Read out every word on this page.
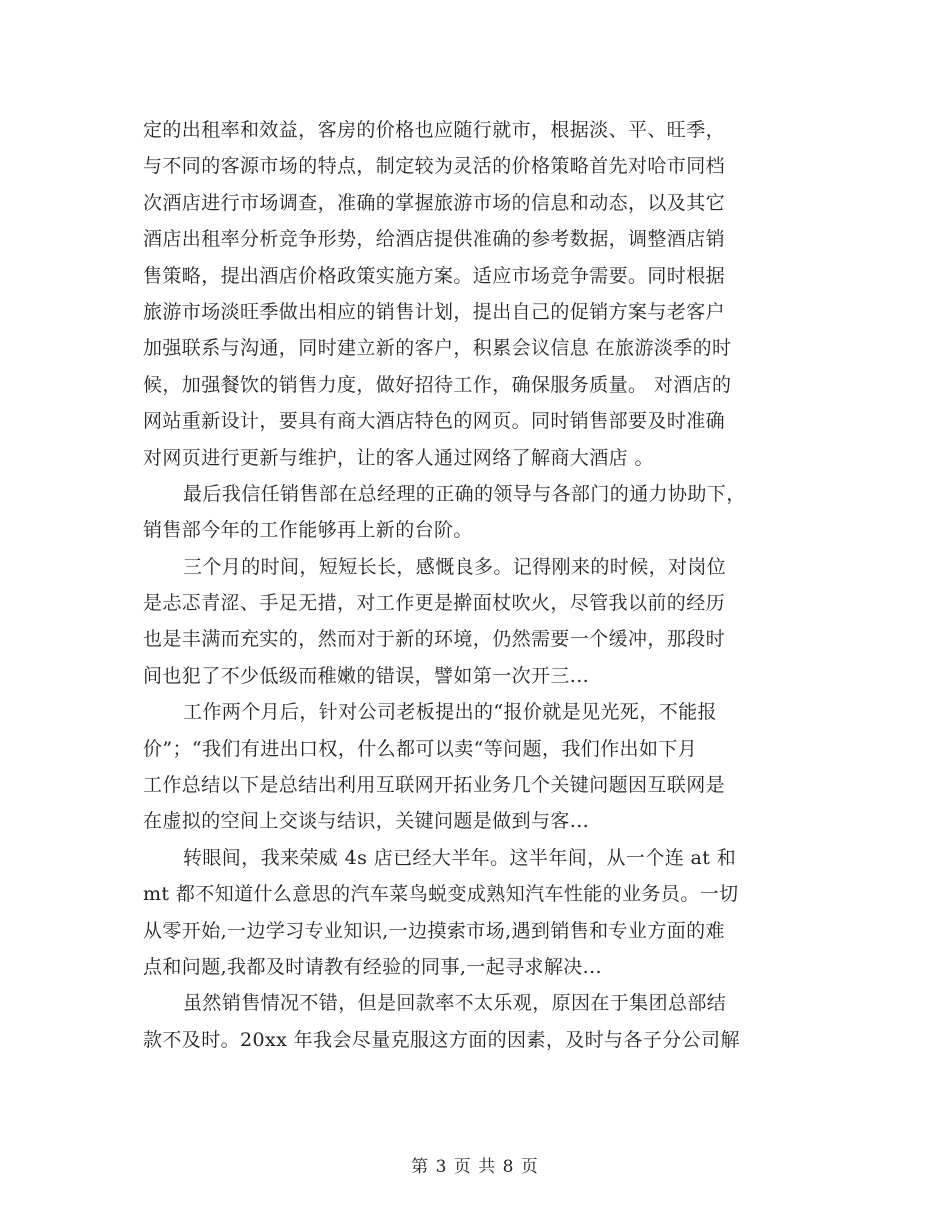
定的出租率和效益，客房的价格也应随行就市，根据淡、平、旺季，
与不同的客源市场的特点，制定较为灵活的价格策略首先对哈市同档
次酒店进行市场调查，准确的掌握旅游市场的信息和动态，以及其它
酒店出租率分析竞争形势，给酒店提供准确的参考数据，调整酒店销
售策略，提出酒店价格政策实施方案。适应市场竞争需要。同时根据
旅游市场淡旺季做出相应的销售计划，提出自己的促销方案与老客户
加强联系与沟通，同时建立新的客户，积累会议信息 在旅游淡季的时
候，加强餐饮的销售力度，做好招待工作，确保服务质量。 对酒店的
网站重新设计，要具有商大酒店特色的网页。同时销售部要及时准确
对网页进行更新与维护，让的客人通过网络了解商大酒店 。
最后我信任销售部在总经理的正确的领导与各部门的通力协助下，
销售部今年的工作能够再上新的台阶。
三个月的时间，短短长长，感慨良多。记得刚来的时候，对岗位
是忐忑青涩、手足无措，对工作更是擀面杖吹火，尽管我以前的经历
也是丰满而充实的，然而对于新的环境，仍然需要一个缓冲，那段时
间也犯了不少低级而稚嫩的错误，譬如第一次开三...
工作两个月后，针对公司老板提出的“报价就是见光死，不能报
价”；“我们有进出口权，什么都可以卖“等问题，我们作出如下月
工作总结以下是总结出利用互联网开拓业务几个关键问题因互联网是
在虚拟的空间上交谈与结识，关键问题是做到与客...
转眼间，我来荣威 4s 店已经大半年。这半年间，从一个连 at 和
mt 都不知道什么意思的汽车菜鸟蜕变成熟知汽车性能的业务员。一切
从零开始,一边学习专业知识,一边摸索市场,遇到销售和专业方面的难
点和问题,我都及时请教有经验的同事,一起寻求解决...
虽然销售情况不错，但是回款率不太乐观，原因在于集团总部结
款不及时。20xx 年我会尽量克服这方面的因素，及时与各子分公司解
第 3 页 共 8 页
